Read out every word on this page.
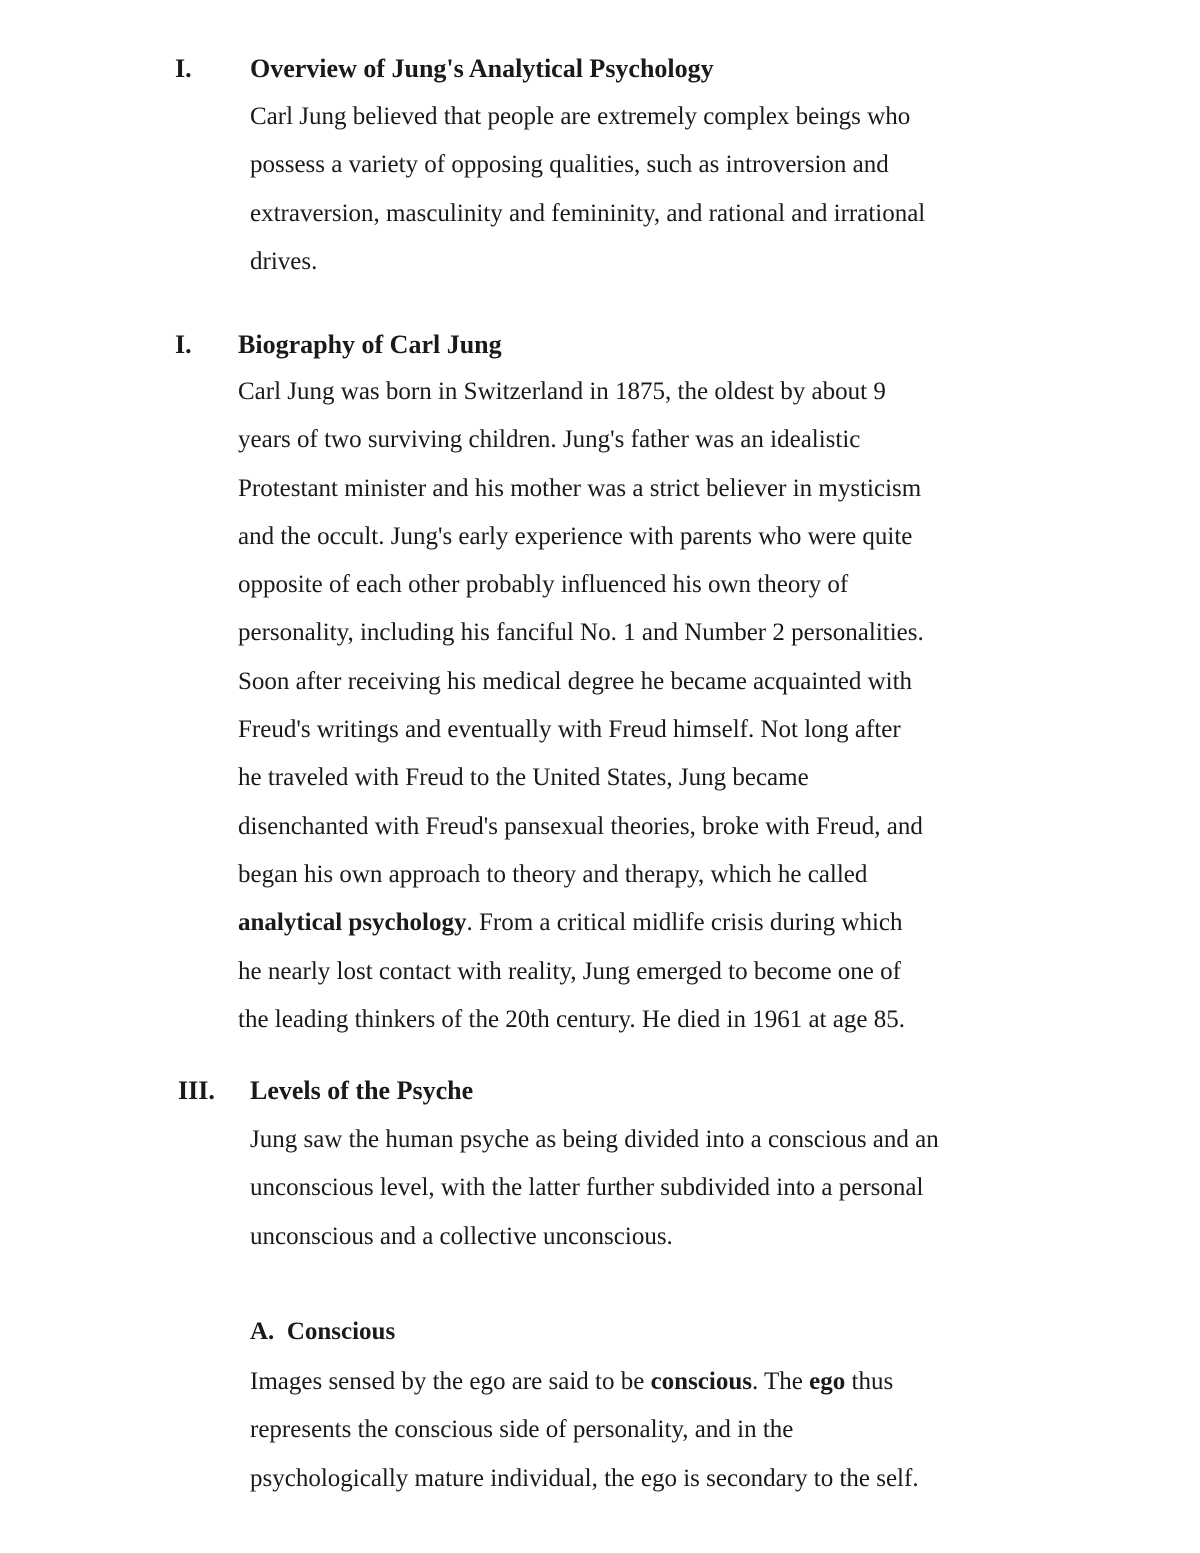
I. Overview of Jung's Analytical Psychology
Carl Jung believed that people are extremely complex beings who
possess a variety of opposing qualities, such as introversion and
extraversion, masculinity and femininity, and rational and irrational
drives.
I. Biography of Carl Jung
Carl Jung was born in Switzerland in 1875, the oldest by about 9
years of two surviving children. Jung's father was an idealistic
Protestant minister and his mother was a strict believer in mysticism
and the occult. Jung's early experience with parents who were quite
opposite of each other probably influenced his own theory of
personality, including his fanciful No. 1 and Number 2 personalities.
Soon after receiving his medical degree he became acquainted with
Freud's writings and eventually with Freud himself. Not long after
he traveled with Freud to the United States, Jung became
disenchanted with Freud's pansexual theories, broke with Freud, and
began his own approach to theory and therapy, which he called
analytical psychology. From a critical midlife crisis during which
he nearly lost contact with reality, Jung emerged to become one of
the leading thinkers of the 20th century. He died in 1961 at age 85.
III. Levels of the Psyche
Jung saw the human psyche as being divided into a conscious and an
unconscious level, with the latter further subdivided into a personal
unconscious and a collective unconscious.
A. Conscious
Images sensed by the ego are said to be conscious. The ego thus
represents the conscious side of personality, and in the
psychologically mature individual, the ego is secondary to the self.
